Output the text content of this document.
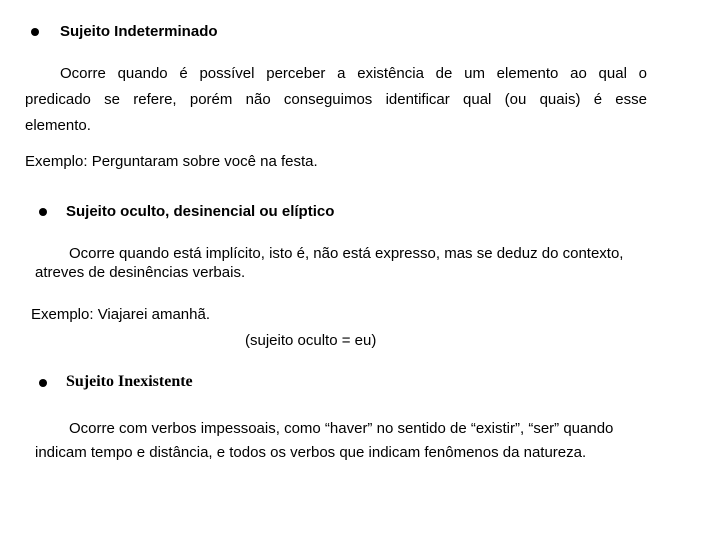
Sujeito Indeterminado
Ocorre quando é possível perceber a existência de um elemento ao qual o
predicado se refere, porém não conseguimos identificar qual (ou quais) é esse
elemento.
Exemplo: Perguntaram sobre você na festa.
Sujeito oculto, desinencial ou elíptico
Ocorre quando está implícito, isto é, não está expresso, mas se deduz do contexto,
atreves de desinências verbais.
Exemplo: Viajarei amanhã.
(sujeito oculto = eu)
Sujeito Inexistente
Ocorre com verbos impessoais, como “haver” no sentido de “existir”, “ser” quando
indicam tempo e distância, e todos os verbos que indicam fenômenos da natureza.
